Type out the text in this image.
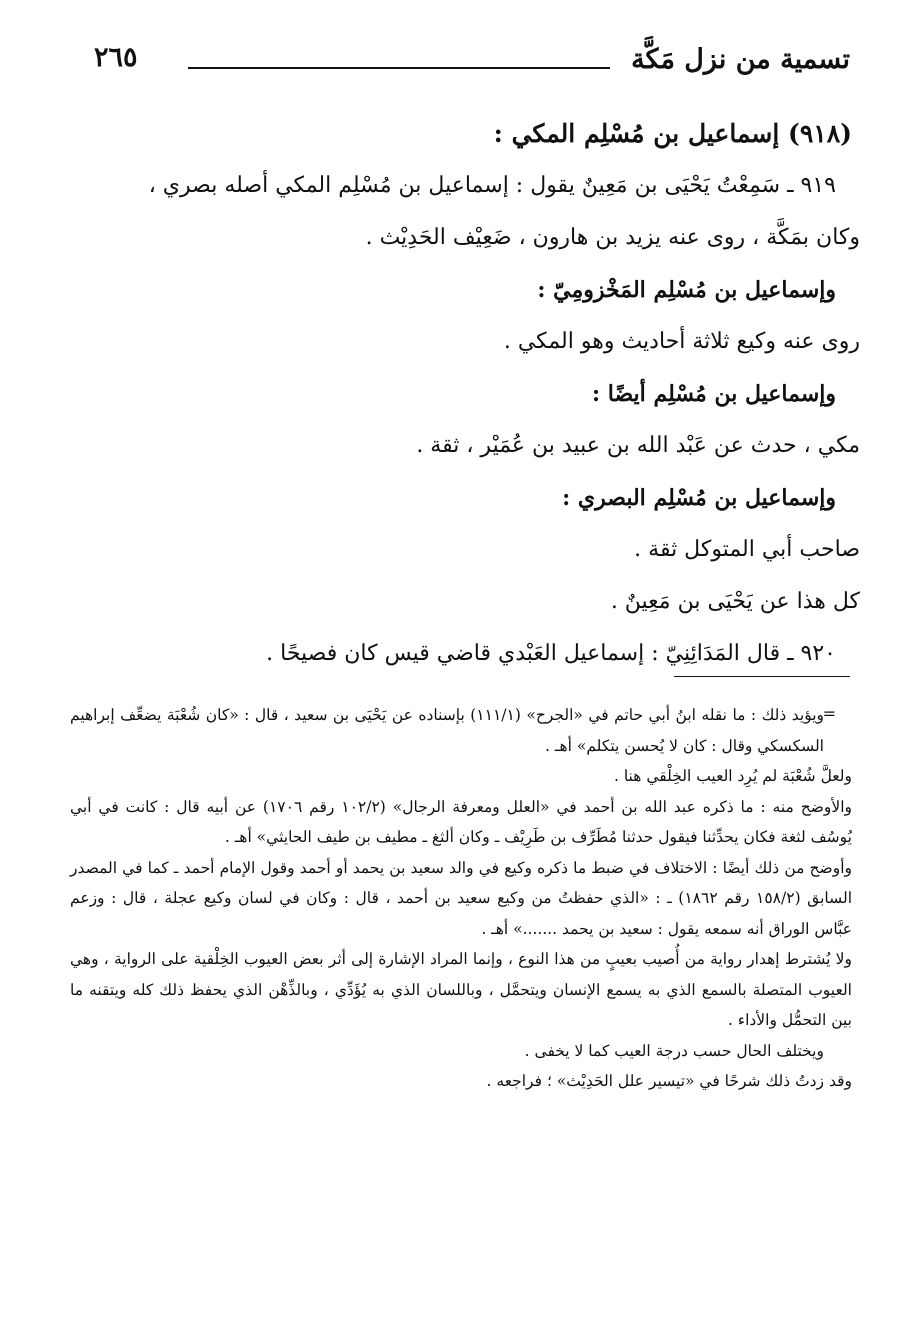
تسمية من نزل مَكَّة
٢٦٥

(٩١٨) إسماعيل بن مُسْلِم المكي :

٩١٩ ـ سَمِعْتُ يَحْيَى بن مَعِينٌ يقول : إسماعيل بن مُسْلِم المكي أصله بصري ،

وكان بمَكَّة ، روى عنه يزيد بن هارون ، ضَعِيْف الحَدِيْث .

وإسماعيل بن مُسْلِم المَخْزومِيّ :

روى عنه وكيع ثلاثة أحاديث وهو المكي .

وإسماعيل بن مُسْلِم أيضًا :

مكي ، حدث عن عَبْد الله بن عبيد بن عُمَيْر ، ثقة .

وإسماعيل بن مُسْلِم البصري :

صاحب أبي المتوكل ثقة .

كل هذا عن يَحْيَى بن مَعِينٌ .

٩٢٠ ـ قال المَدَائِنِيّ : إسماعيل العَبْدي قاضي قيس كان فصيحًا .

=

ويؤيد ذلك : ما نقله ابنُ أبي حاتم في «الجرح» (١١١/١) بإسناده عن يَحْيَى بن سعيد ، قال : «كان شُعْبَة يضعِّف إبراهيم السكسكي وقال : كان لا يُحسن يتكلم» أهـ .

ولعلَّ شُعْبَة لم يُرِد العيب الخِلْقي هنا .

والأوضح منه : ما ذكره عبد الله بن أحمد في «العلل ومعرفة الرجال» (١٠٢/٢ رقم ١٧٠٦) عن أبيه قال : كانت في أبي يُوسُف لثغة فكان يحدِّثنا فيقول حدثنا مُطَرِّف بن طَرِيْف ـ وكان ألثغ ـ مطيف بن طيف الحايثي» أهـ .

وأوضح من ذلك أيضًا : الاختلاف في ضبط ما ذكره وكيع في والد سعيد بن يحمد أو أحمد وقول الإمام أحمد ـ كما في المصدر السابق (١٥٨/٢ رقم ١٨٦٢) ـ : «الذي حفظتُ من وكيع سعيد بن أحمد ، قال : وكان في لسان وكيع عجلة ، قال : وزعم عبَّاس الوراق أنه سمعه يقول : سعيد بن يحمد .......» أهـ .

ولا يُشترط إهدار رواية من أُصيب بعيبٍ من هذا النوع ، وإنما المراد الإشارة إلى أثر بعض العيوب الخِلْقية على الرواية ، وهي العيوب المتصلة بالسمع الذي به يسمع الإنسان ويتحمَّل ، وباللسان الذي به يُؤَدِّي ، وبالذِّهْن الذي يحفظ ذلك كله ويتقنه ما بين التحمُّل والأداء .

ويختلف الحال حسب درجة العيب كما لا يخفى .

وقد زدتُ ذلك شرحًا في «تيسير علل الحَدِيْث» ؛ فراجعه .
